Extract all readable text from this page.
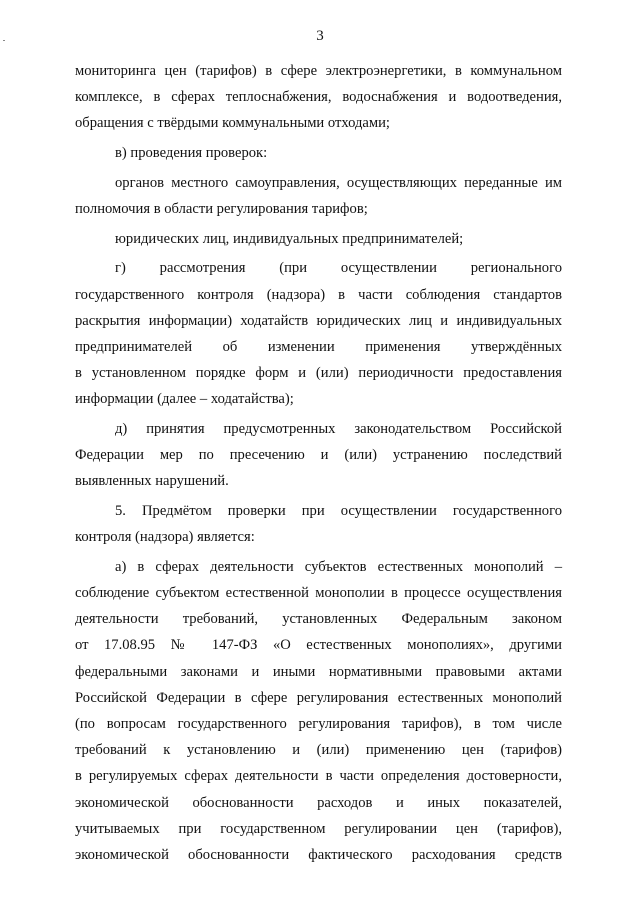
3
мониторинга цен (тарифов) в сфере электроэнергетики, в коммунальном
комплексе, в сферах теплоснабжения, водоснабжения и водоотведения,
обращения с твёрдыми коммунальными отходами;
в) проведения проверок:
органов местного самоуправления, осуществляющих переданные им
полномочия в области регулирования тарифов;
юридических лиц, индивидуальных предпринимателей;
г) рассмотрения (при осуществлении регионального
государственного контроля (надзора) в части соблюдения стандартов
раскрытия информации) ходатайств юридических лиц и индивидуальных
предпринимателей об изменении применения утверждённых
в установленном порядке форм и (или) периодичности предоставления
информации (далее – ходатайства);
д) принятия предусмотренных законодательством Российской
Федерации мер по пресечению и (или) устранению последствий
выявленных нарушений.
5. Предмётом проверки при осуществлении государственного
контроля (надзора) является:
а) в сферах деятельности субъектов естественных монополий –
соблюдение субъектом естественной монополии в процессе осуществления
деятельности требований, установленных Федеральным законом
от 17.08.95 № 147-ФЗ «О естественных монополиях», другими
федеральными законами и иными нормативными правовыми актами
Российской Федерации в сфере регулирования естественных монополий
(по вопросам государственного регулирования тарифов), в том числе
требований к установлению и (или) применению цен (тарифов)
в регулируемых сферах деятельности в части определения достоверности,
экономической обоснованности расходов и иных показателей,
учитываемых при государственном регулировании цен (тарифов),
экономической обоснованности фактического расходования средств
